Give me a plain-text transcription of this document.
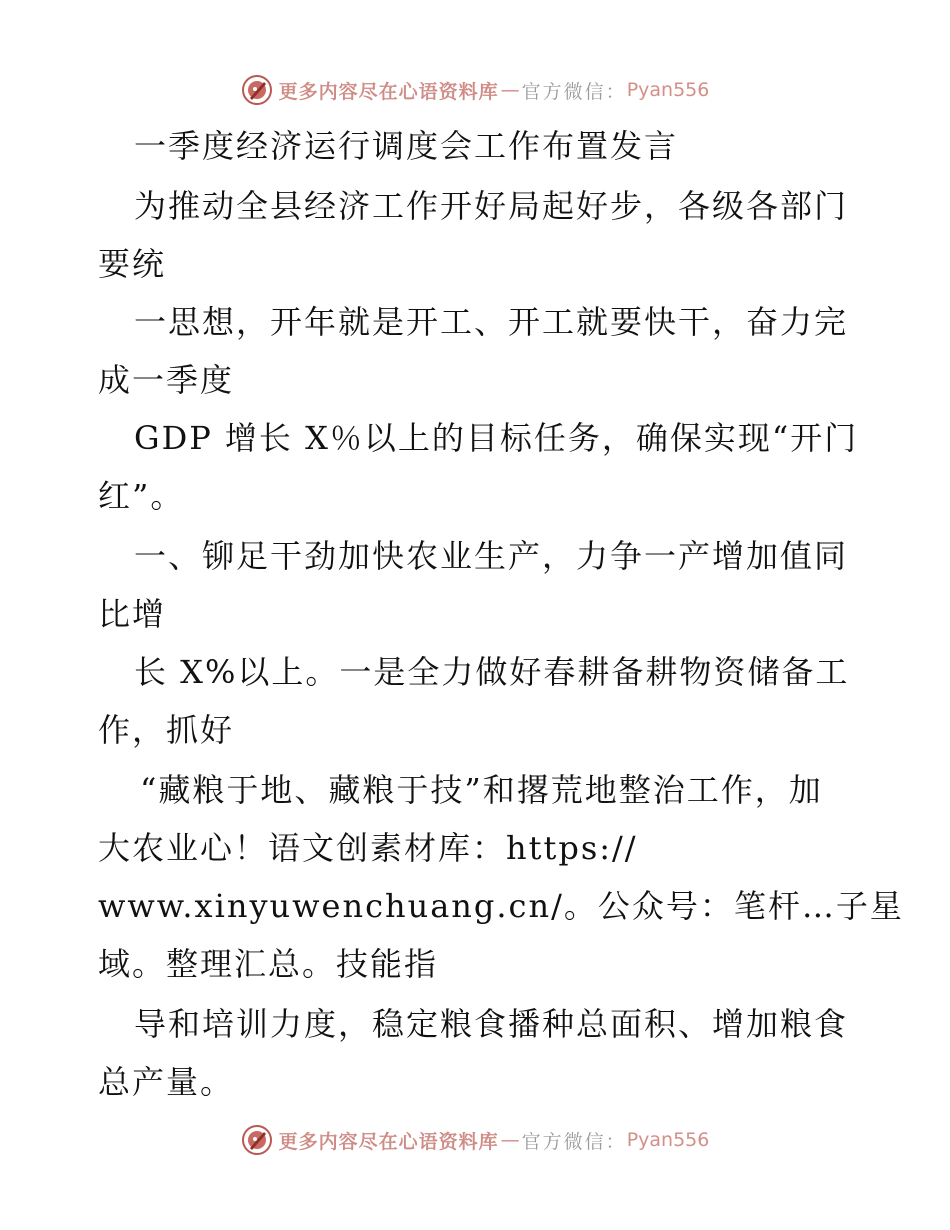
更多内容尽在心语资料库 — 官方微信： Pyan556
一季度经济运行调度会工作布置发言
为推动全县经济工作开好局起好步，各级各部门
要统
一思想，开年就是开工、开工就要快干，奋力完
成一季度
GDP 增长 X％以上的目标任务，确保实现“开门
红”。
一、铆足干劲加快农业生产，力争一产增加值同
比增
长 X%以上。一是全力做好春耕备耕物资储备工
作，抓好
“藏粮于地、藏粮于技”和撂荒地整治工作，加
大农业心！语文创素材库：https://
www.xinyuwenchuang.cn/。公众号：笔杆…子星
域。整理汇总。技能指
导和培训力度，稳定粮食播种总面积、增加粮食
总产量。
更多内容尽在心语资料库 — 官方微信： Pyan556
